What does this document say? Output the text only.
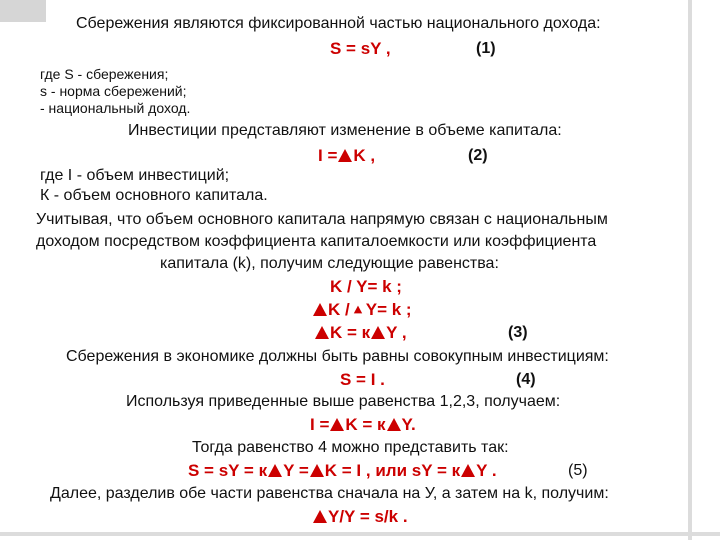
Сбережения являются фиксированной частью национального дохода:
S = sY ,	(1)
где S - сбережения;
s - норма сбережений;
- национальный доход.
Инвестиции представляют изменение в объеме капитала:
I = K ,	(2)
где I - объем инвестиций;
К - объем основного капитала.
Учитывая, что объем основного капитала напрямую связан с национальным
доходом посредством коэффициента капиталоемкости или коэффициента
капитала (k), получим следующие равенства:
K / Y= k ;
K / Y= k ;
K = к Y ,	(3)
Сбережения в экономике должны быть равны совокупным инвестициям:
S = I .	(4)
Используя приведенные выше равенства 1,2,3, получаем:
I = K = к Y.
Тогда равенство 4 можно представить так:
S = sY = к Y = K = I , или sY = к Y .	(5)
Далее, разделив обе части равенства сначала на У, а затем на k, получим:
Y/Y = s/k .
